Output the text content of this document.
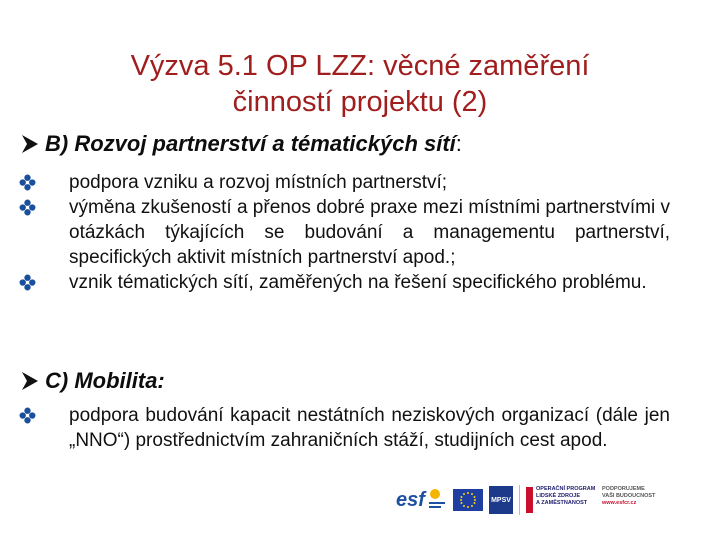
Výzva 5.1 OP LZZ: věcné zaměření
činností projektu (2)
B) Rozvoj partnerství a tématických sítí :

podpora vzniku a rozvoj místních partnerství;

výměna zkušeností a přenos dobré praxe mezi místními partnerstvími v otázkách týkajících se budování a managementu partnerství, specifických aktivit místních partnerství apod.;

vznik tématických sítí, zaměřených na řešení specifického problému.

C) Mobilita:

podpora budování kapacit nestátních neziskových organizací (dále jen „NNO“) prostřednictvím zahraničních stáží, studijních cest apod.

esf	MPSV
OPERAČNÍ PROGRAM
LIDSKÉ ZDROJE
A ZAMĚSTNANOST
PODPORUJEME
VAŠI BUDOUCNOST
www.esfcr.cz
